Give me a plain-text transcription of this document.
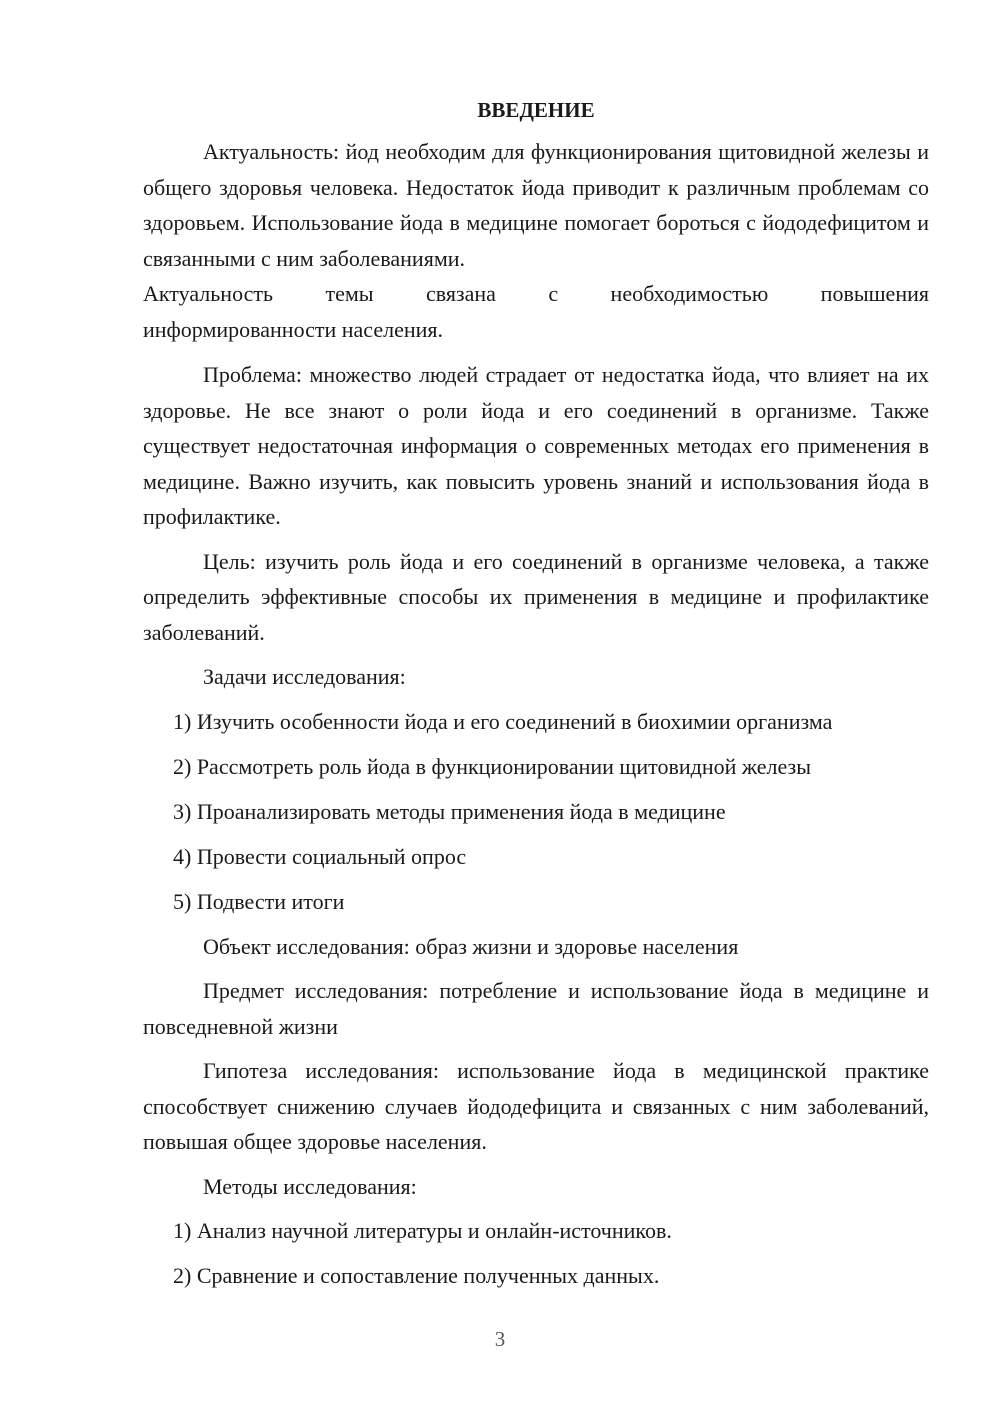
ВВЕДЕНИЕ
Актуальность: йод необходим для функционирования щитовидной железы и общего здоровья человека. Недостаток йода приводит к различным проблемам со здоровьем. Использование йода в медицине помогает бороться с йододефицитом и связанными с ним заболеваниями.
Актуальность темы связана с необходимостью повышения
информированности населения.
Проблема: множество людей страдает от недостатка йода, что влияет на их здоровье. Не все знают о роли йода и его соединений в организме. Также существует недостаточная информация о современных методах его применения в медицине. Важно изучить, как повысить уровень знаний и использования йода в профилактике.
Цель: изучить роль йода и его соединений в организме человека, а также определить эффективные способы их применения в медицине и профилактике заболеваний.
Задачи исследования:
1) Изучить особенности йода и его соединений в биохимии организма
2) Рассмотреть роль йода в функционировании щитовидной железы
3) Проанализировать методы применения йода в медицине
4) Провести социальный опрос
5) Подвести итоги
Объект исследования: образ жизни и здоровье населения
Предмет исследования: потребление и использование йода в медицине и повседневной жизни
Гипотеза исследования: использование йода в медицинской практике способствует снижению случаев йододефицита и связанных с ним заболеваний, повышая общее здоровье населения.
Методы исследования:
1) Анализ научной литературы и онлайн-источников.
2) Сравнение и сопоставление полученных данных.
3
